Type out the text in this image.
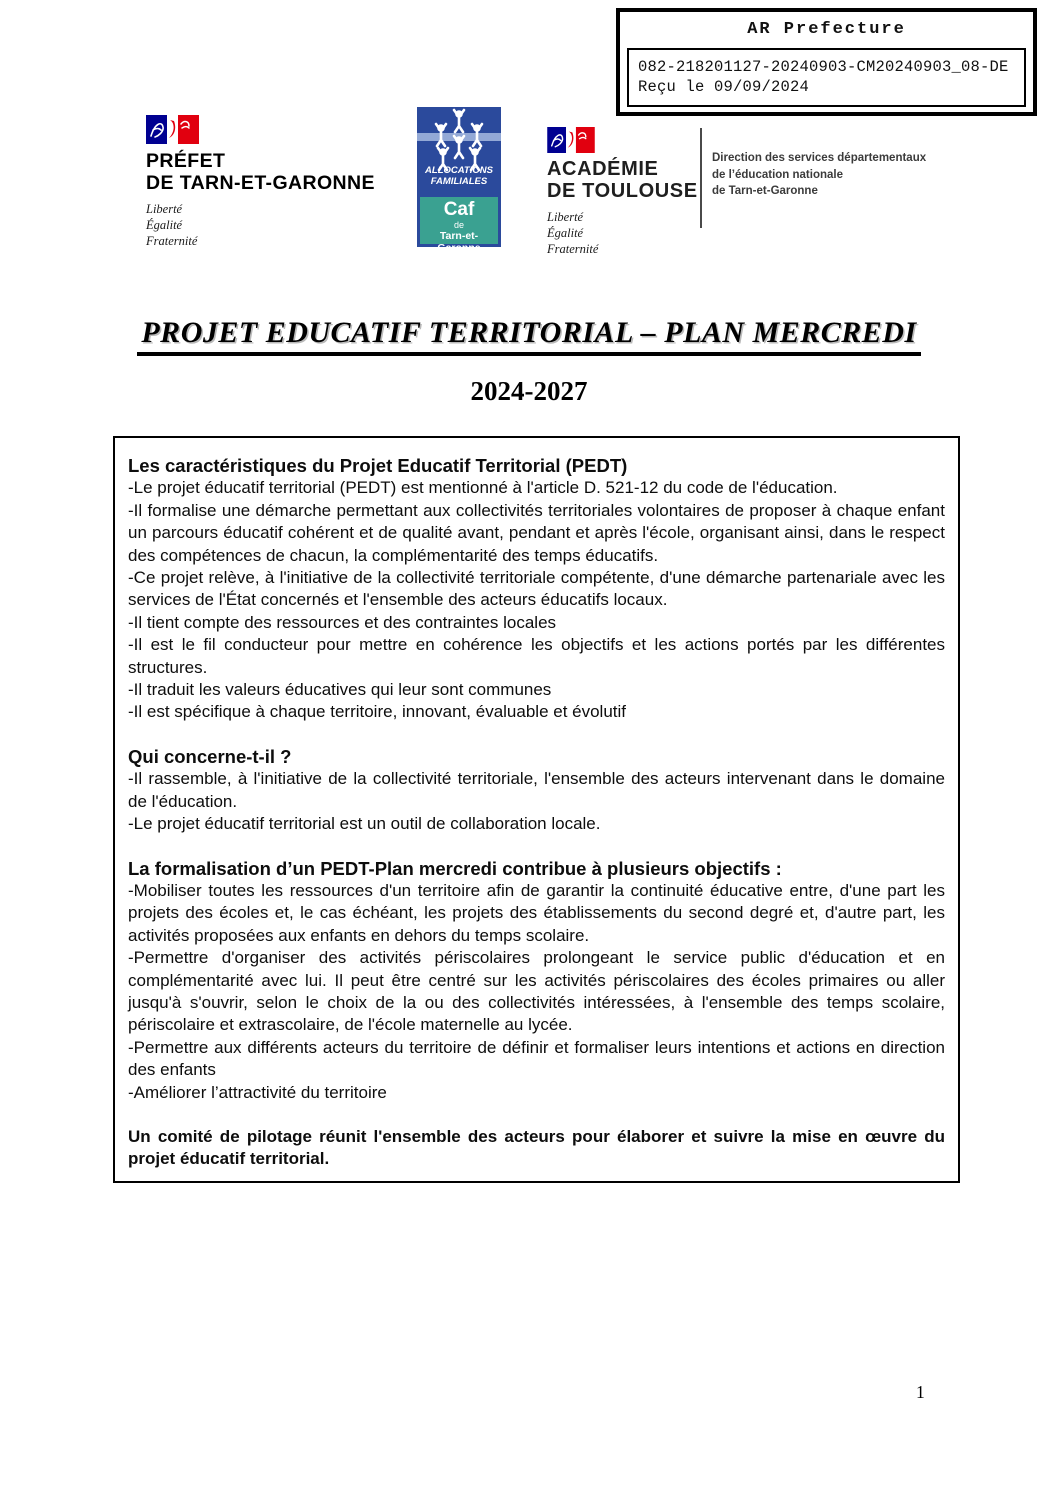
AR Prefecture
082-218201127-20240903-CM20240903_08-DE
Reçu le 09/09/2024
PRÉFET
DE TARN-ET-GARONNE
Liberté
Égalité
Fraternité
ALLOCATIONS
FAMILIALES
Caf
de
Tarn-et-Garonne
ACADÉMIE
DE TOULOUSE
Liberté
Égalité
Fraternité
Direction des services départementaux
de l’éducation nationale
de Tarn-et-Garonne
PROJET EDUCATIF TERRITORIAL – PLAN MERCREDI
2024-2027
Les caractéristiques du Projet Educatif Territorial (PEDT)

-Le projet éducatif territorial (PEDT) est mentionné à l'article D. 521-12 du code de l'éducation.

-Il formalise une démarche permettant aux collectivités territoriales volontaires de proposer à chaque enfant un parcours éducatif cohérent et de qualité avant, pendant et après l'école, organisant ainsi, dans le respect des compétences de chacun, la complémentarité des temps éducatifs.

-Ce projet relève, à l'initiative de la collectivité territoriale compétente, d'une démarche partenariale avec les services de l'État concernés et l'ensemble des acteurs éducatifs locaux.

-Il tient compte des ressources et des contraintes locales

-Il est le fil conducteur pour mettre en cohérence les objectifs et les actions portés par les différentes structures.

-Il traduit les valeurs éducatives qui leur sont communes

-Il est spécifique à chaque territoire, innovant, évaluable et évolutif

Qui concerne-t-il ?

-Il rassemble, à l'initiative de la collectivité territoriale, l'ensemble des acteurs intervenant dans le domaine de l'éducation.

-Le projet éducatif territorial est un outil de collaboration locale.

La formalisation d’un PEDT-Plan mercredi contribue à plusieurs objectifs :

-Mobiliser toutes les ressources d'un territoire afin de garantir la continuité éducative entre, d'une part les projets des écoles et, le cas échéant, les projets des établissements du second degré et, d'autre part, les activités proposées aux enfants en dehors du temps scolaire.

-Permettre d'organiser des activités périscolaires prolongeant le service public d'éducation et en complémentarité avec lui. Il peut être centré sur les activités périscolaires des écoles primaires ou aller jusqu'à s'ouvrir, selon le choix de la ou des collectivités intéressées, à l'ensemble des temps scolaire, périscolaire et extrascolaire, de l'école maternelle au lycée.

-Permettre aux différents acteurs du territoire de définir et formaliser leurs intentions et actions en direction des enfants

-Améliorer l’attractivité du territoire

Un comité de pilotage réunit l'ensemble des acteurs pour élaborer et suivre la mise en œuvre du projet éducatif territorial.

1
